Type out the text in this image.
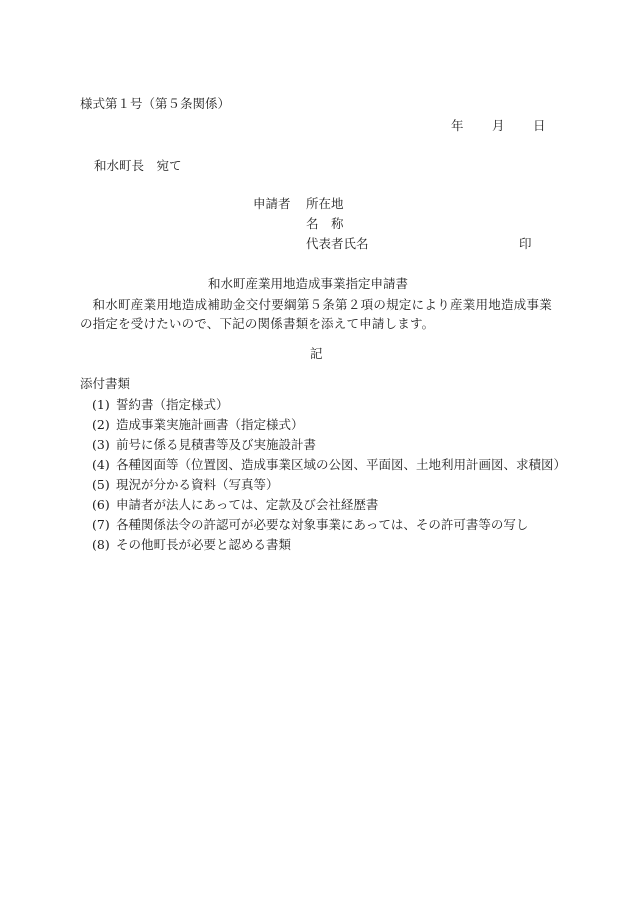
様式第１号（第５条関係）
年 月 日
和水町長　宛て
申請者 所在地
名　称
代表者氏名	印
和水町産業用地造成事業指定申請書
和水町産業用地造成補助金交付要綱第５条第２項の規定により産業用地造成事業の指定を受けたいので、下記の関係書類を添えて申請します。
記
添付書類
(1) 誓約書（指定様式）
(2) 造成事業実施計画書（指定様式）
(3) 前号に係る見積書等及び実施設計書
(4) 各種図面等（位置図、造成事業区域の公図、平面図、土地利用計画図、求積図）
(5) 現況が分かる資料（写真等）
(6) 申請者が法人にあっては、定款及び会社経歴書
(7) 各種関係法令の許認可が必要な対象事業にあっては、その許可書等の写し
(8) その他町長が必要と認める書類
